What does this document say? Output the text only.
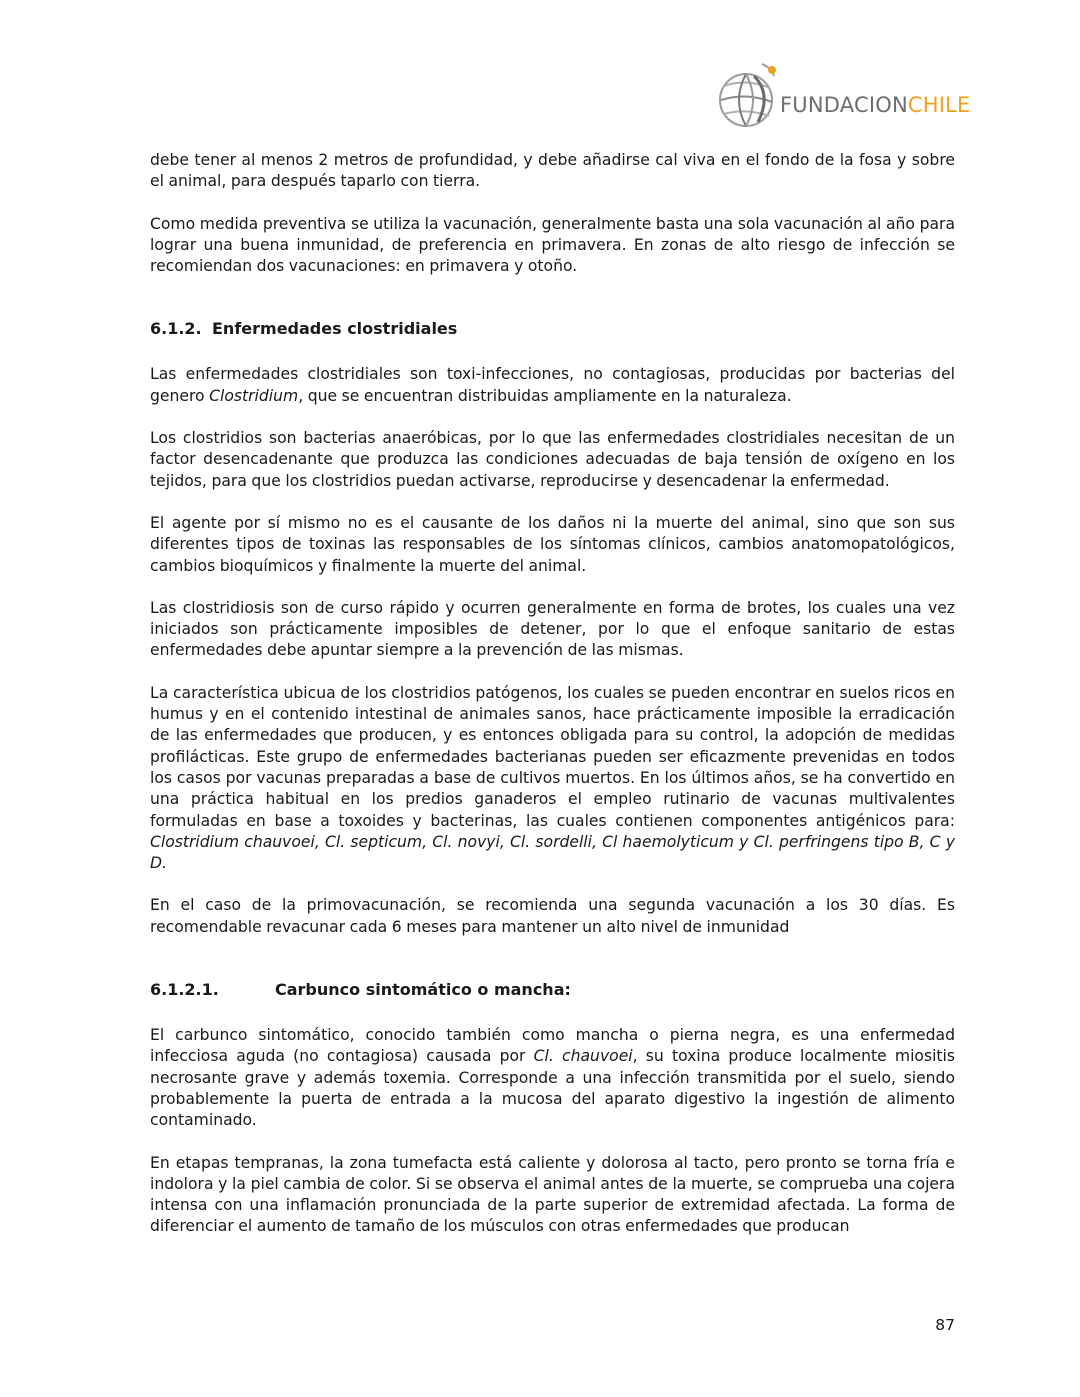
FUNDACIONCHILE

debe tener al menos 2 metros de profundidad, y debe añadirse cal viva en el fondo de la fosa y sobre el animal, para después taparlo con tierra.

Como medida preventiva se utiliza la vacunación, generalmente basta una sola vacunación al año para lograr una buena inmunidad, de preferencia en primavera. En zonas de alto riesgo de infección se recomiendan dos vacunaciones: en primavera y otoño.

6.1.2. Enfermedades clostridiales

Las enfermedades clostridiales son toxi-infecciones, no contagiosas, producidas por bacterias del genero Clostridium, que se encuentran distribuidas ampliamente en la naturaleza.

Los clostridios son bacterias anaeróbicas, por lo que las enfermedades clostridiales necesitan de un factor desencadenante que produzca las condiciones adecuadas de baja tensión de oxígeno en los tejidos, para que los clostridios puedan activarse, reproducirse y desencadenar la enfermedad.

El agente por sí mismo no es el causante de los daños ni la muerte del animal, sino que son sus diferentes tipos de toxinas las responsables de los síntomas clínicos, cambios anatomopatológicos, cambios bioquímicos y finalmente la muerte del animal.

Las clostridiosis son de curso rápido y ocurren generalmente en forma de brotes, los cuales una vez iniciados son prácticamente imposibles de detener, por lo que el enfoque sanitario de estas enfermedades debe apuntar siempre a la prevención de las mismas.

La característica ubicua de los clostridios patógenos, los cuales se pueden encontrar en suelos ricos en humus y en el contenido intestinal de animales sanos, hace prácticamente imposible la erradicación de las enfermedades que producen, y es entonces obligada para su control, la adopción de medidas profilácticas. Este grupo de enfermedades bacterianas pueden ser eficazmente prevenidas en todos los casos por vacunas preparadas a base de cultivos muertos. En los últimos años, se ha convertido en una práctica habitual en los predios ganaderos el empleo rutinario de vacunas multivalentes formuladas en base a toxoides y bacterinas, las cuales contienen componentes antigénicos para: Clostridium chauvoei, Cl. septicum, Cl. novyi, Cl. sordelli, Cl haemolyticum y Cl. perfringens tipo B, C y D.

En el caso de la primovacunación, se recomienda una segunda vacunación a los 30 días. Es recomendable revacunar cada 6 meses para mantener un alto nivel de inmunidad

6.1.2.1.	Carbunco sintomático o mancha:

El carbunco sintomático, conocido también como mancha o pierna negra, es una enfermedad infecciosa aguda (no contagiosa) causada por Cl. chauvoei, su toxina produce localmente miositis necrosante grave y además toxemia. Corresponde a una infección transmitida por el suelo, siendo probablemente la puerta de entrada a la mucosa del aparato digestivo la ingestión de alimento contaminado.

En etapas tempranas, la zona tumefacta está caliente y dolorosa al tacto, pero pronto se torna fría e indolora y la piel cambia de color. Si se observa el animal antes de la muerte, se comprueba una cojera intensa con una inflamación pronunciada de la parte superior de extremidad afectada. La forma de diferenciar el aumento de tamaño de los músculos con otras enfermedades que producan

87
